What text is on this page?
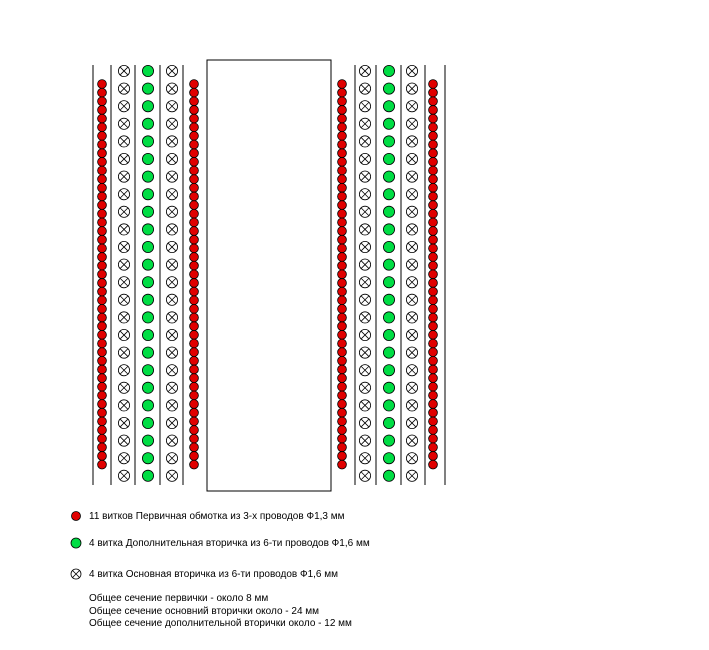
11 витков Первичная обмотка из 3-х проводов Ф1,3 мм
4 витка Дополнительная вторичка из 6-ти проводов Ф1,6 мм
4 витка Основная вторичка из 6-ти проводов Ф1,6 мм
Общее сечение первички - около 8 мм
Общее сечение основний вторички около - 24 мм
Общее сечение дополнительной вторички около - 12 мм
